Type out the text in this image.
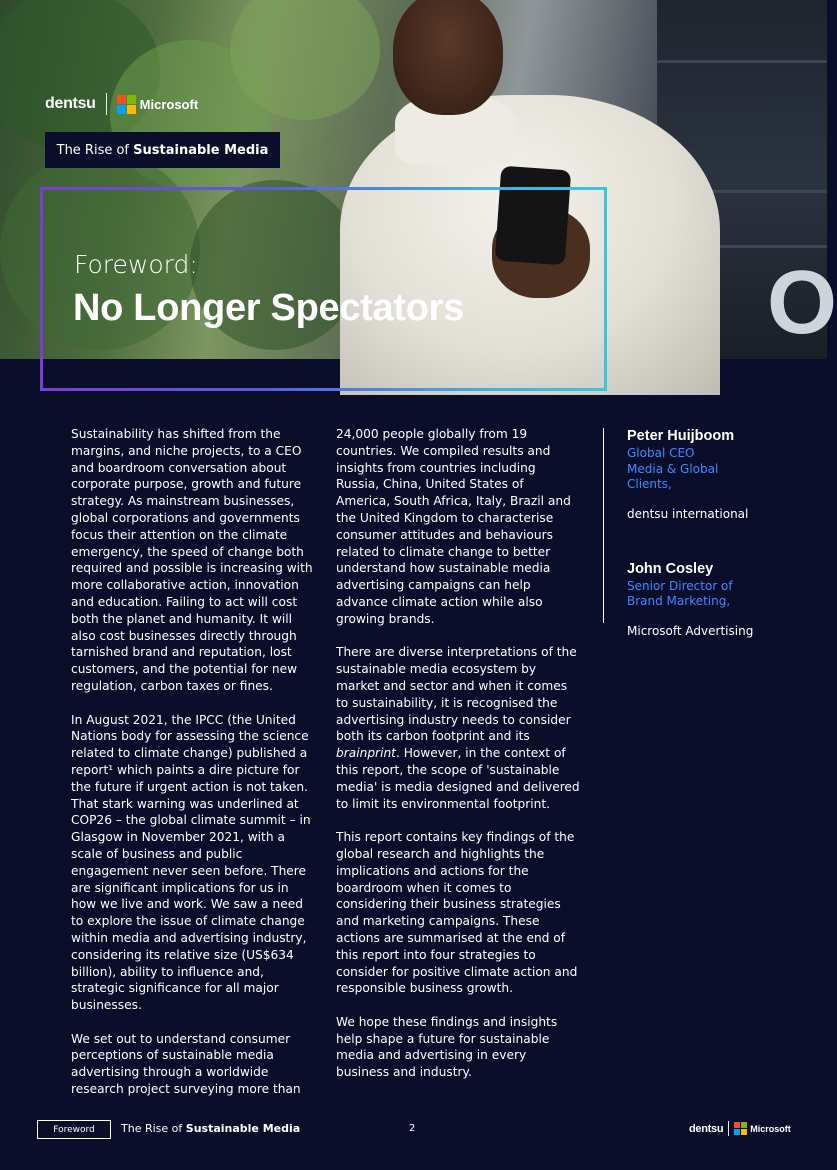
O
dentsu	Microsoft
The Rise of
Sustainable Media
Foreword:
No Longer Spectators

Sustainability has shifted from the margins, and niche projects, to a CEO and boardroom conversation about corporate purpose, growth and future strategy. As mainstream businesses, global corporations and governments focus their attention on the climate emergency, the speed of change both required and possible is increasing with more collaborative action, innovation and education. Failing to act will cost both the planet and humanity. It will also cost businesses directly through tarnished brand and reputation, lost customers, and the potential for new regulation, carbon taxes or fines.

In August 2021, the IPCC (the United Nations body for assessing the science related to climate change) published a report¹ which paints a dire picture for the future if urgent action is not taken. That stark warning was underlined at COP26 – the global climate summit – in Glasgow in November 2021, with a scale of business and public engagement never seen before. There are significant implications for us in how we live and work. We saw a need to explore the issue of climate change within media and advertising industry, considering its relative size (US$634 billion), ability to influence and, strategic significance for all major businesses.

We set out to understand consumer perceptions of sustainable media advertising through a worldwide research project surveying more than

24,000 people globally from 19 countries. We compiled results and insights from countries including Russia, China, United States of America, South Africa, Italy, Brazil and the United Kingdom to characterise consumer attitudes and behaviours related to climate change to better understand how sustainable media advertising campaigns can help advance climate action while also growing brands.

There are diverse interpretations of the sustainable media ecosystem by market and sector and when it comes to sustainability, it is recognised the advertising industry needs to consider both its carbon footprint and its brainprint. However, in the context of this report, the scope of 'sustainable media' is media designed and delivered to limit its environmental footprint.

This report contains key findings of the global research and highlights the implications and actions for the boardroom when it comes to considering their business strategies and marketing campaigns. These actions are summarised at the end of this report into four strategies to consider for positive climate action and responsible business growth.

We hope these findings and insights help shape a future for sustainable media and advertising in every business and industry.

Peter Huijboom
Global CEO Media & Global Clients,
dentsu international
John Cosley
Senior Director of Brand Marketing,
Microsoft Advertising
Foreword	The Rise of Sustainable Media	2	dentsu	Microsoft
